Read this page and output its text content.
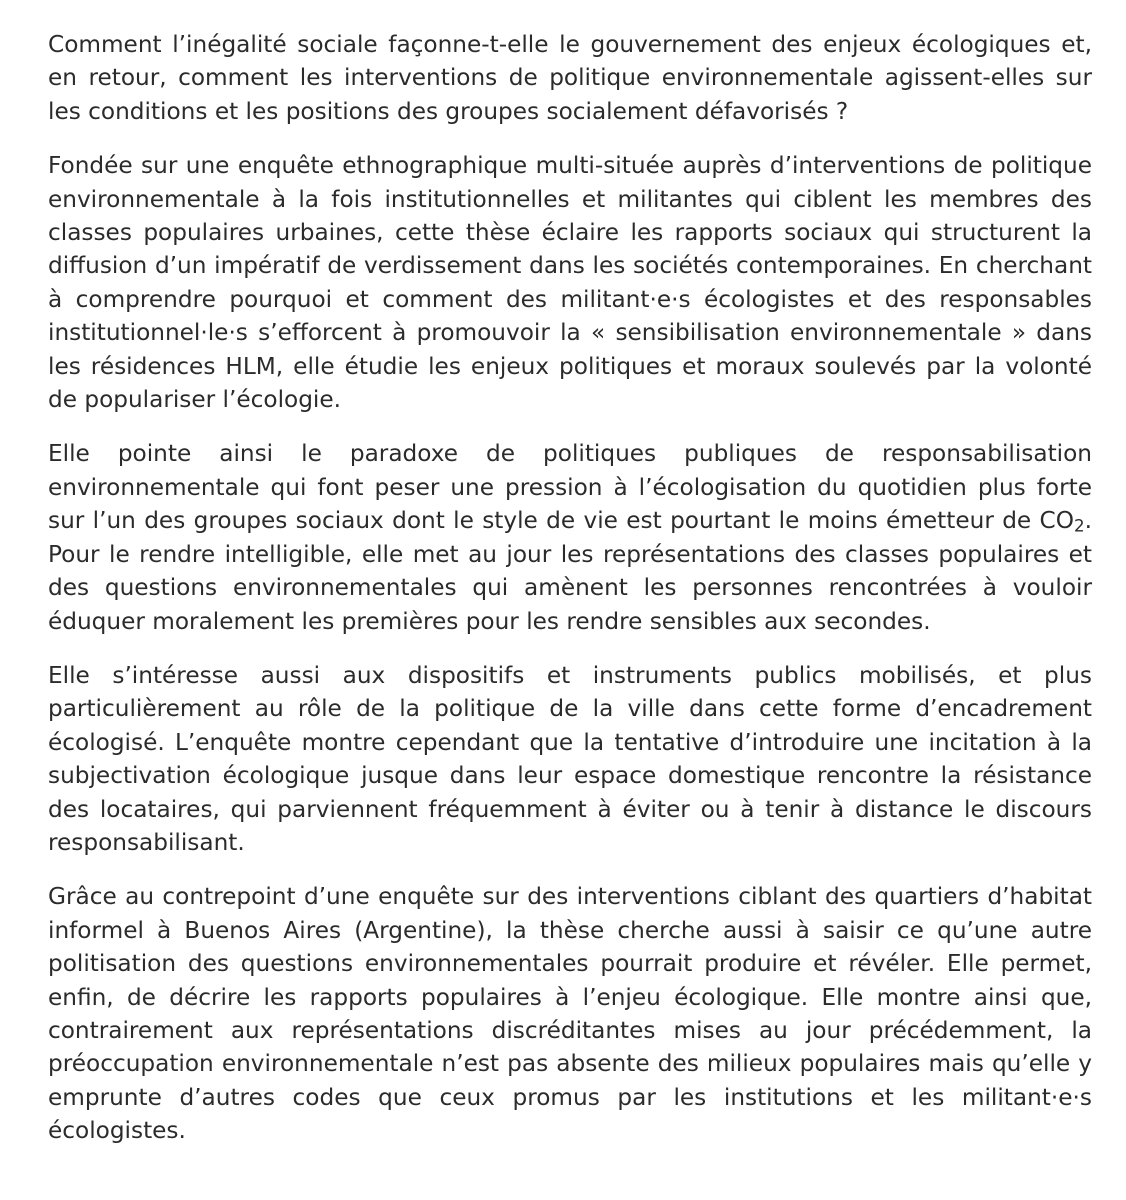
Comment l’inégalité sociale façonne-t-elle le gouvernement des enjeux écologiques et, en retour, comment les interventions de politique environnementale agissent-elles sur les conditions et les positions des groupes socialement défavorisés ?

Fondée sur une enquête ethnographique multi-située auprès d’interventions de politique environnementale à la fois institutionnelles et militantes qui ciblent les membres des classes populaires urbaines, cette thèse éclaire les rapports sociaux qui structurent la diffusion d’un impératif de verdissement dans les sociétés contemporaines. En cherchant à comprendre pourquoi et comment des militant·e·s écologistes et des responsables institutionnel·le·s s’efforcent à promouvoir la « sensibilisation environnementale » dans les résidences HLM, elle étudie les enjeux politiques et moraux soulevés par la volonté de populariser l’écologie.

Elle pointe ainsi le paradoxe de politiques publiques de responsabilisation environnementale qui font peser une pression à l’écologisation du quotidien plus forte sur l’un des groupes sociaux dont le style de vie est pourtant le moins émetteur de $CO_2$. Pour le rendre intelligible, elle met au jour les représentations des classes populaires et des questions environnementales qui amènent les personnes rencontrées à vouloir éduquer moralement les premières pour les rendre sensibles aux secondes.

Elle s’intéresse aussi aux dispositifs et instruments publics mobilisés, et plus particulièrement au rôle de la politique de la ville dans cette forme d’encadrement écologisé. L’enquête montre cependant que la tentative d’introduire une incitation à la subjectivation écologique jusque dans leur espace domestique rencontre la résistance des locataires, qui parviennent fréquemment à éviter ou à tenir à distance le discours responsabilisant.

Grâce au contrepoint d’une enquête sur des interventions ciblant des quartiers d’habitat informel à Buenos Aires (Argentine), la thèse cherche aussi à saisir ce qu’une autre politisation des questions environnementales pourrait produire et révéler. Elle permet, enfin, de décrire les rapports populaires à l’enjeu écologique. Elle montre ainsi que, contrairement aux représentations discréditantes mises au jour précédemment, la préoccupation environnementale n’est pas absente des milieux populaires mais qu’elle y emprunte d’autres codes que ceux promus par les institutions et les militant·e·s écologistes.
